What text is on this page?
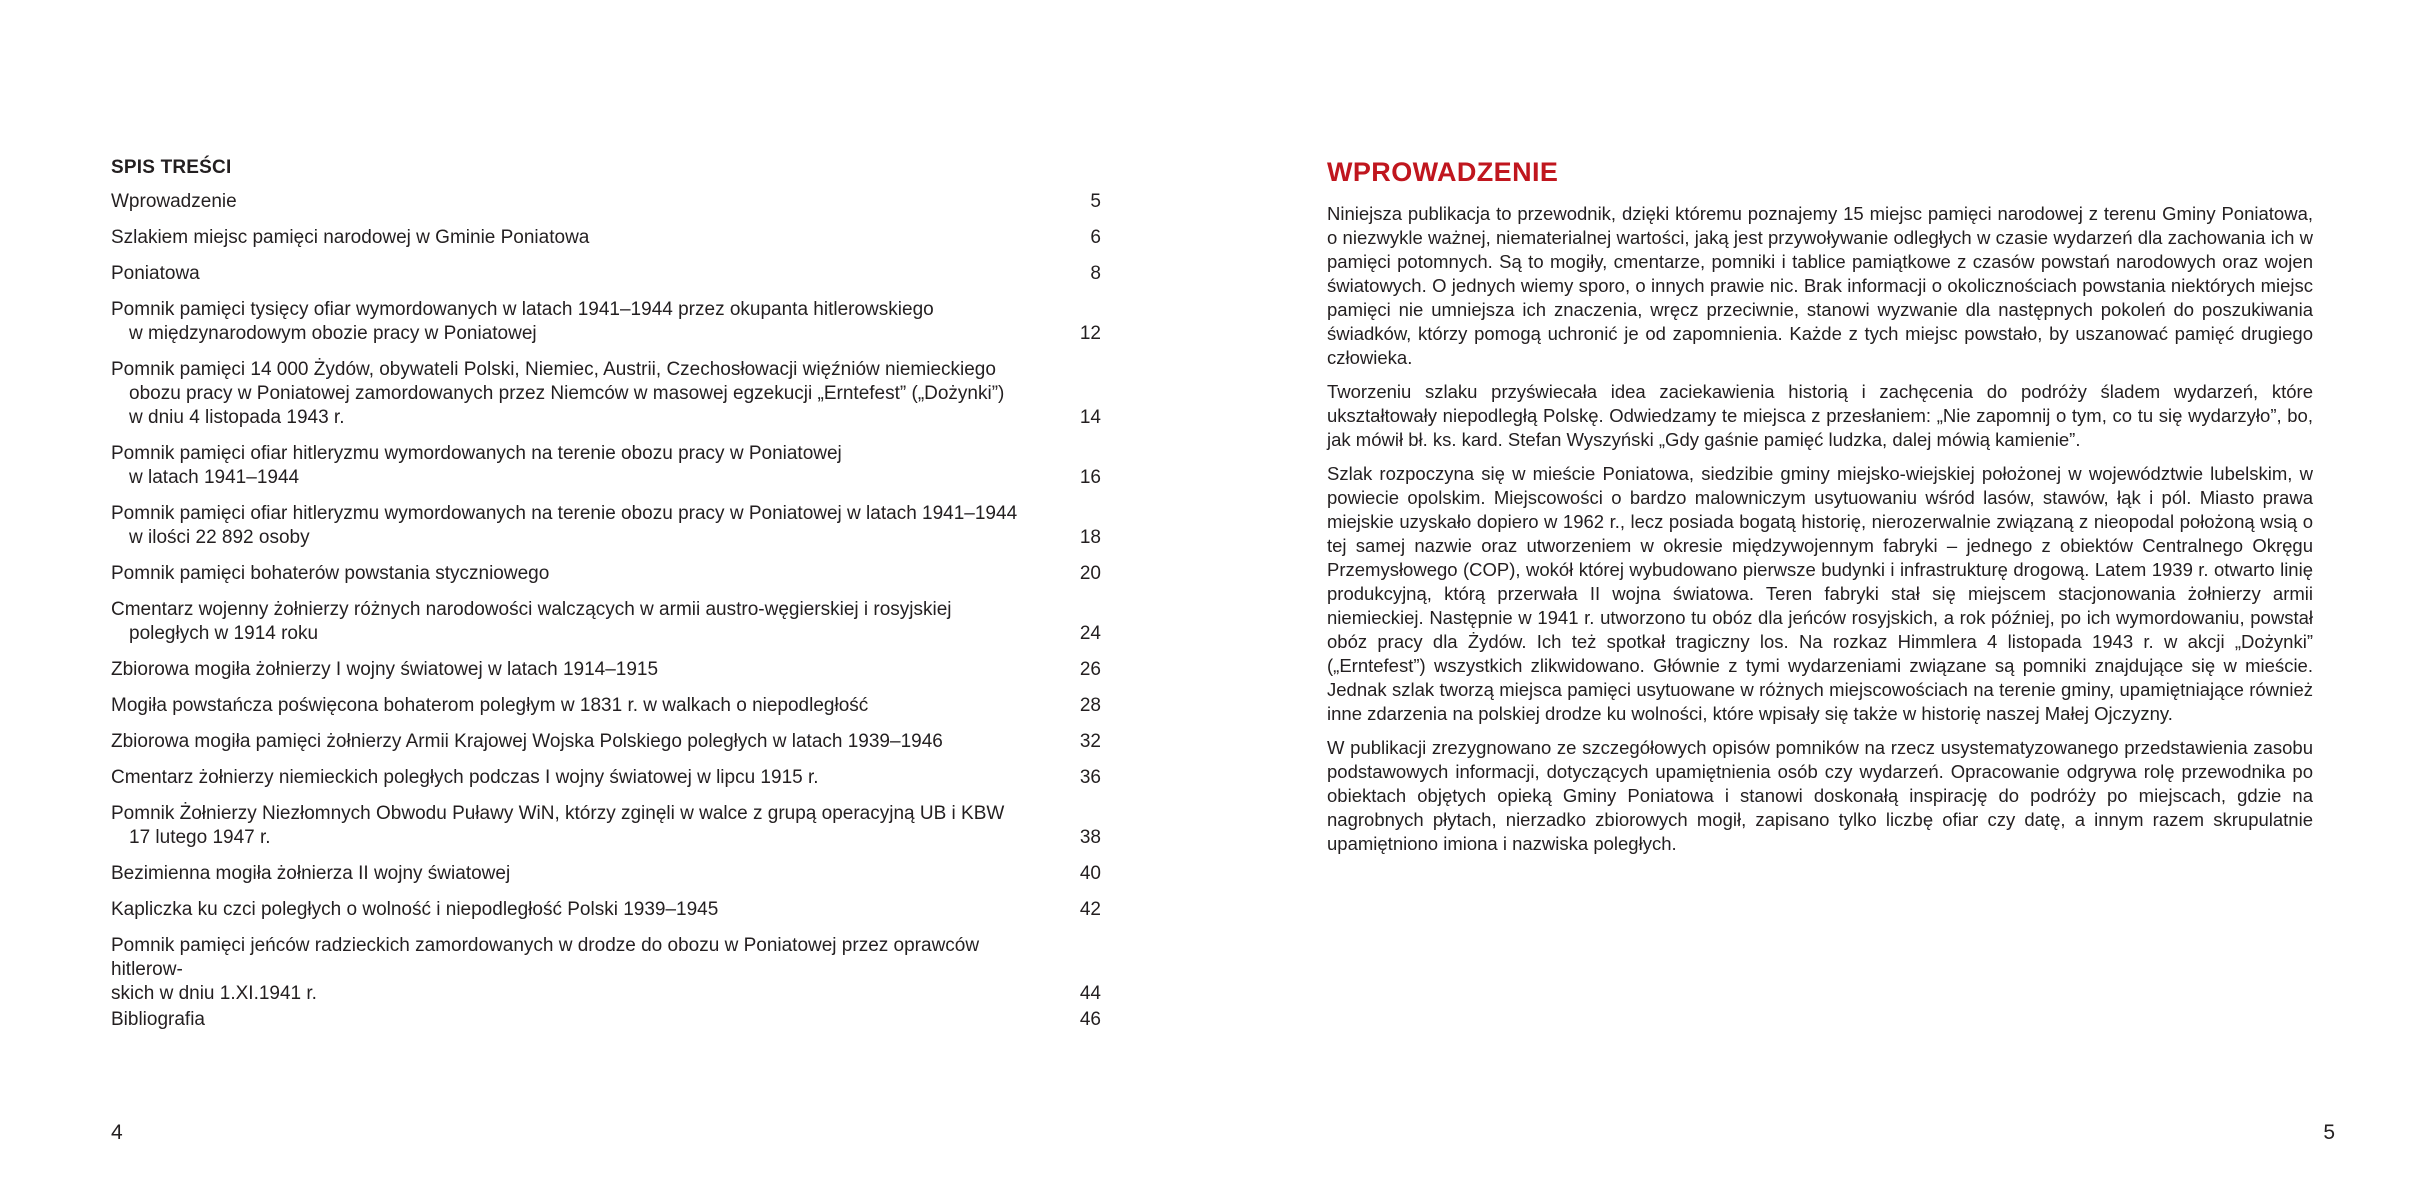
SPIS TREŚCI
Wprowadzenie	5
Szlakiem miejsc pamięci narodowej w Gminie Poniatowa	6
Poniatowa	8
Pomnik pamięci tysięcy ofiar wymordowanych w latach 1941–1944 przez okupanta hitlerowskiego
w międzynarodowym obozie pracy w Poniatowej	12
Pomnik pamięci 14 000 Żydów, obywateli Polski, Niemiec, Austrii, Czechosłowacji więźniów niemieckiego
obozu pracy w Poniatowej zamordowanych przez Niemców w masowej egzekucji „Erntefest” („Dożynki”)
w dniu 4 listopada 1943 r.	14
Pomnik pamięci ofiar hitleryzmu wymordowanych na terenie obozu pracy w Poniatowej
w latach 1941–1944	16
Pomnik pamięci ofiar hitleryzmu wymordowanych na terenie obozu pracy w Poniatowej w latach 1941–1944
w ilości 22 892 osoby	18
Pomnik pamięci bohaterów powstania styczniowego	20
Cmentarz wojenny żołnierzy różnych narodowości walczących w armii austro-węgierskiej i rosyjskiej
poległych w 1914 roku	24
Zbiorowa mogiła żołnierzy I wojny światowej w latach 1914–1915	26
Mogiła powstańcza poświęcona bohaterom poległym w 1831 r. w walkach o niepodległość	28
Zbiorowa mogiła pamięci żołnierzy Armii Krajowej Wojska Polskiego poległych w latach 1939–1946	32
Cmentarz żołnierzy niemieckich poległych podczas I wojny światowej w lipcu 1915 r.	36
Pomnik Żołnierzy Niezłomnych Obwodu Puławy WiN, którzy zginęli w walce z grupą operacyjną UB i KBW
17 lutego 1947 r.	38
Bezimienna mogiła żołnierza II wojny światowej	40
Kapliczka ku czci poległych o wolność i niepodległość Polski 1939–1945	42
Pomnik pamięci jeńców radzieckich zamordowanych w drodze do obozu w Poniatowej przez oprawców hitlerow-
skich w dniu 1.XI.1941 r.	44
Bibliografia	46
4
WPROWADZENIE

Niniejsza publikacja to przewodnik, dzięki któremu poznajemy 15 miejsc pamięci narodowej z terenu Gminy Poniatowa, o niezwykle ważnej, niematerialnej wartości, jaką jest przywoływanie odległych w czasie wydarzeń dla zachowania ich w pamięci potomnych. Są to mogiły, cmentarze, pomniki i tablice pamiątkowe z czasów powstań narodowych oraz wojen światowych. O jednych wiemy sporo, o innych prawie nic. Brak informacji o okolicznościach powstania niektórych miejsc pamięci nie umniejsza ich znaczenia, wręcz przeciwnie, stanowi wyzwanie dla następnych pokoleń do poszukiwania świadków, którzy pomogą uchronić je od zapomnienia. Każde z tych miejsc powstało, by uszanować pamięć drugiego człowieka.

Tworzeniu szlaku przyświecała idea zaciekawienia historią i zachęcenia do podróży śladem wydarzeń, które ukształtowały niepodległą Polskę. Odwiedzamy te miejsca z przesłaniem: „Nie zapomnij o tym, co tu się wydarzyło”, bo, jak mówił bł. ks. kard. Stefan Wyszyński „Gdy gaśnie pamięć ludzka, dalej mówią kamienie”.

Szlak rozpoczyna się w mieście Poniatowa, siedzibie gminy miejsko-wiejskiej położonej w województwie lubelskim, w powiecie opolskim. Miejscowości o bardzo malowniczym usytuowaniu wśród lasów, stawów, łąk i pól. Miasto prawa miejskie uzyskało dopiero w 1962 r., lecz posiada bogatą historię, nierozerwalnie związaną z nieopodal położoną wsią o tej samej nazwie oraz utworzeniem w okresie międzywojennym fabryki – jednego z obiektów Centralnego Okręgu Przemysłowego (COP), wokół której wybudowano pierwsze budynki i infrastrukturę drogową. Latem 1939 r. otwarto linię produkcyjną, którą przerwała II wojna światowa. Teren fabryki stał się miejscem stacjonowania żołnierzy armii niemieckiej. Następnie w 1941 r. utworzono tu obóz dla jeńców rosyjskich, a rok później, po ich wymordowaniu, powstał obóz pracy dla Żydów. Ich też spotkał tragiczny los. Na rozkaz Himmlera 4 listopada 1943 r. w akcji „Dożynki” („Erntefest”) wszystkich zlikwidowano. Głównie z tymi wydarzeniami związane są pomniki znajdujące się w mieście. Jednak szlak tworzą miejsca pamięci usytuowane w różnych miejscowościach na terenie gminy, upamiętniające również inne zdarzenia na polskiej drodze ku wolności, które wpisały się także w historię naszej Małej Ojczyzny.

W publikacji zrezygnowano ze szczegółowych opisów pomników na rzecz usystematyzowanego przedstawienia zasobu podstawowych informacji, dotyczących upamiętnienia osób czy wydarzeń. Opracowanie odgrywa rolę przewodnika po obiektach objętych opieką Gminy Poniatowa i stanowi doskonałą inspirację do podróży po miejscach, gdzie na nagrobnych płytach, nierzadko zbiorowych mogił, zapisano tylko liczbę ofiar czy datę, a innym razem skrupulatnie upamiętniono imiona i nazwiska poległych.

5
